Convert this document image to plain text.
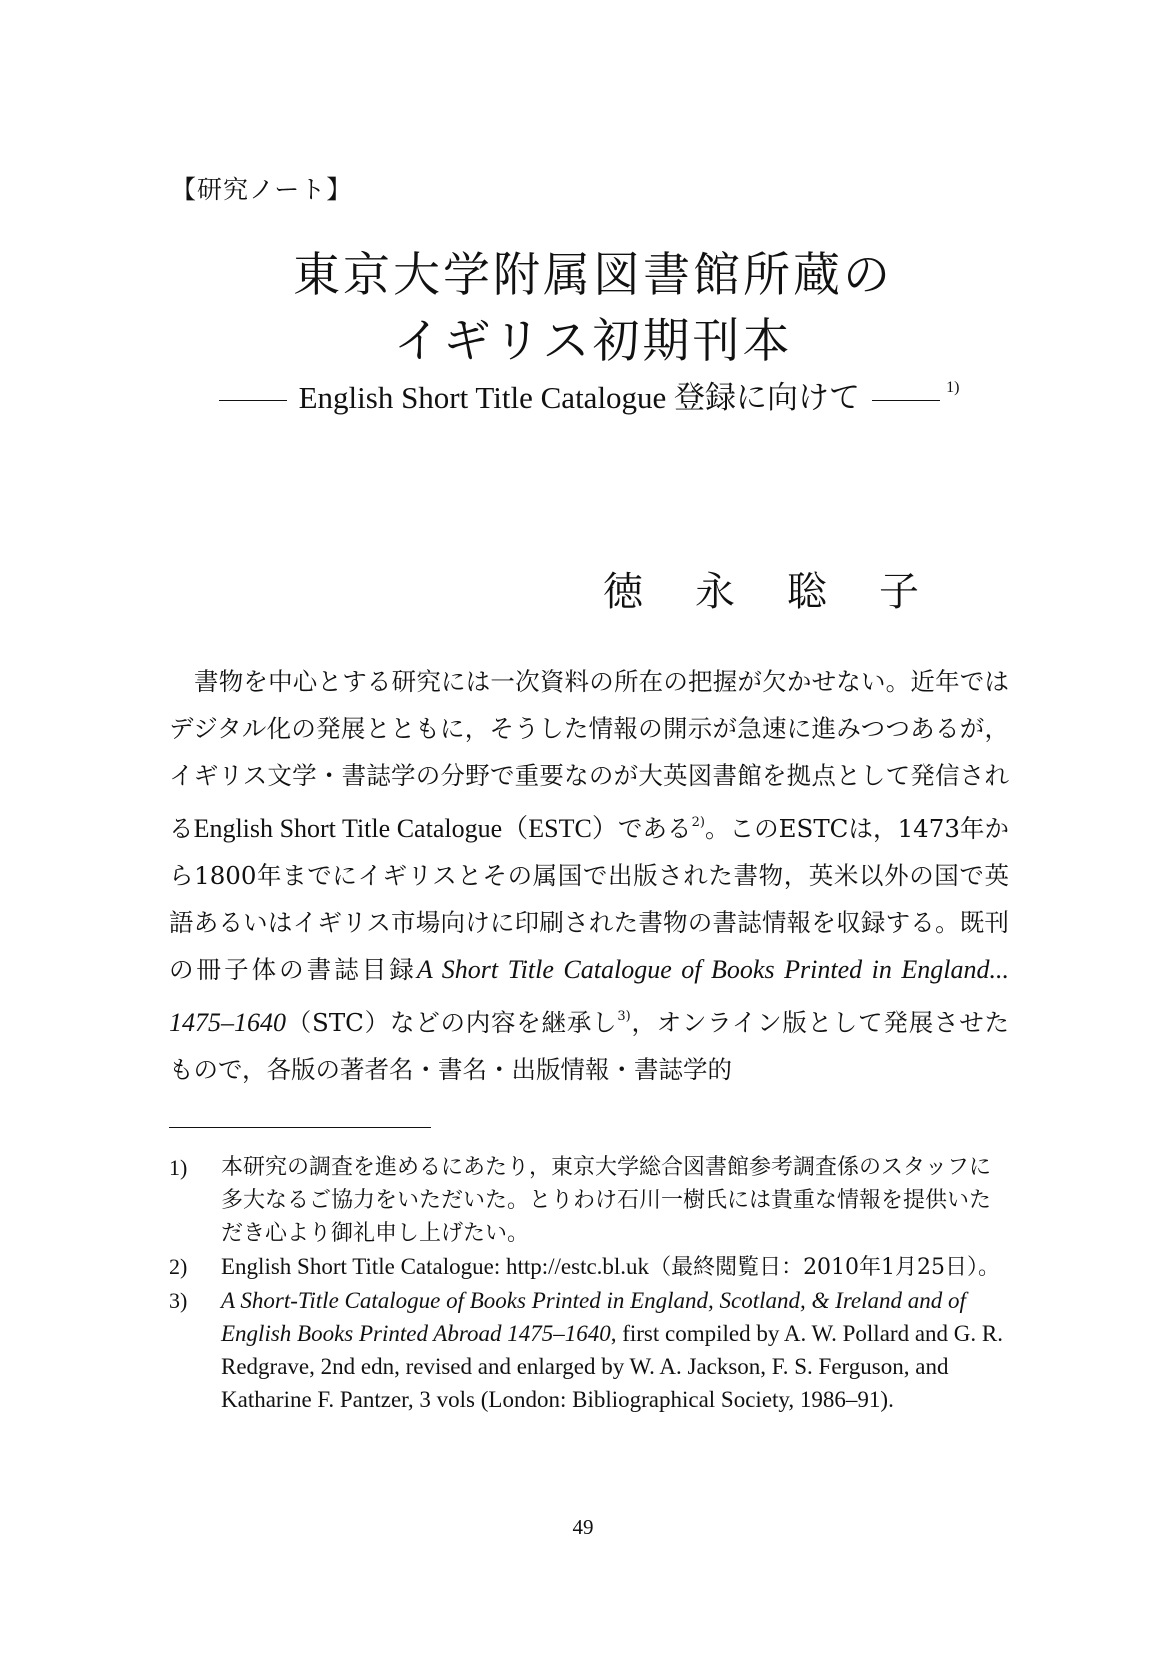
【研究ノート】
東京大学附属図書館所蔵の
イギリス初期刊本
English Short Title Catalogue 登録に向けて	$^{1)}$
徳永聡子

書物を中心とする研究には一次資料の所在の把握が欠かせない。近年ではデジタル化の発展とともに，そうした情報の開示が急速に進みつつあるが，イギリス文学・書誌学の分野で重要なのが大英図書館を拠点として発信されるEnglish Short Title Catalogue（ESTC）である$^{2)}$。このESTCは，1473年から1800年までにイギリスとその属国で出版された書物，英米以外の国で英語あるいはイギリス市場向けに印刷された書物の書誌情報を収録する。既刊の冊子体の書誌目録A Short Title Catalogue of Books Printed in England... 1475–1640（STC）などの内容を継承し$^{3)}$，オンライン版として発展させたもので，各版の著者名・書名・出版情報・書誌学的

1)	本研究の調査を進めるにあたり，東京大学総合図書館参考調査係のスタッフに多大なるご協力をいただいた。とりわけ石川一樹氏には貴重な情報を提供いただき心より御礼申し上げたい。
2)	English Short Title Catalogue: http://estc.bl.uk（最終閲覧日：2010年1月25日）。
3)	A Short-Title Catalogue of Books Printed in England, Scotland, & Ireland and of English Books Printed Abroad 1475–1640, first compiled by A. W. Pollard and G. R. Redgrave, 2nd edn, revised and enlarged by W. A. Jackson, F. S. Ferguson, and Katharine F. Pantzer, 3 vols (London: Bibliographical Society, 1986–91).
49
